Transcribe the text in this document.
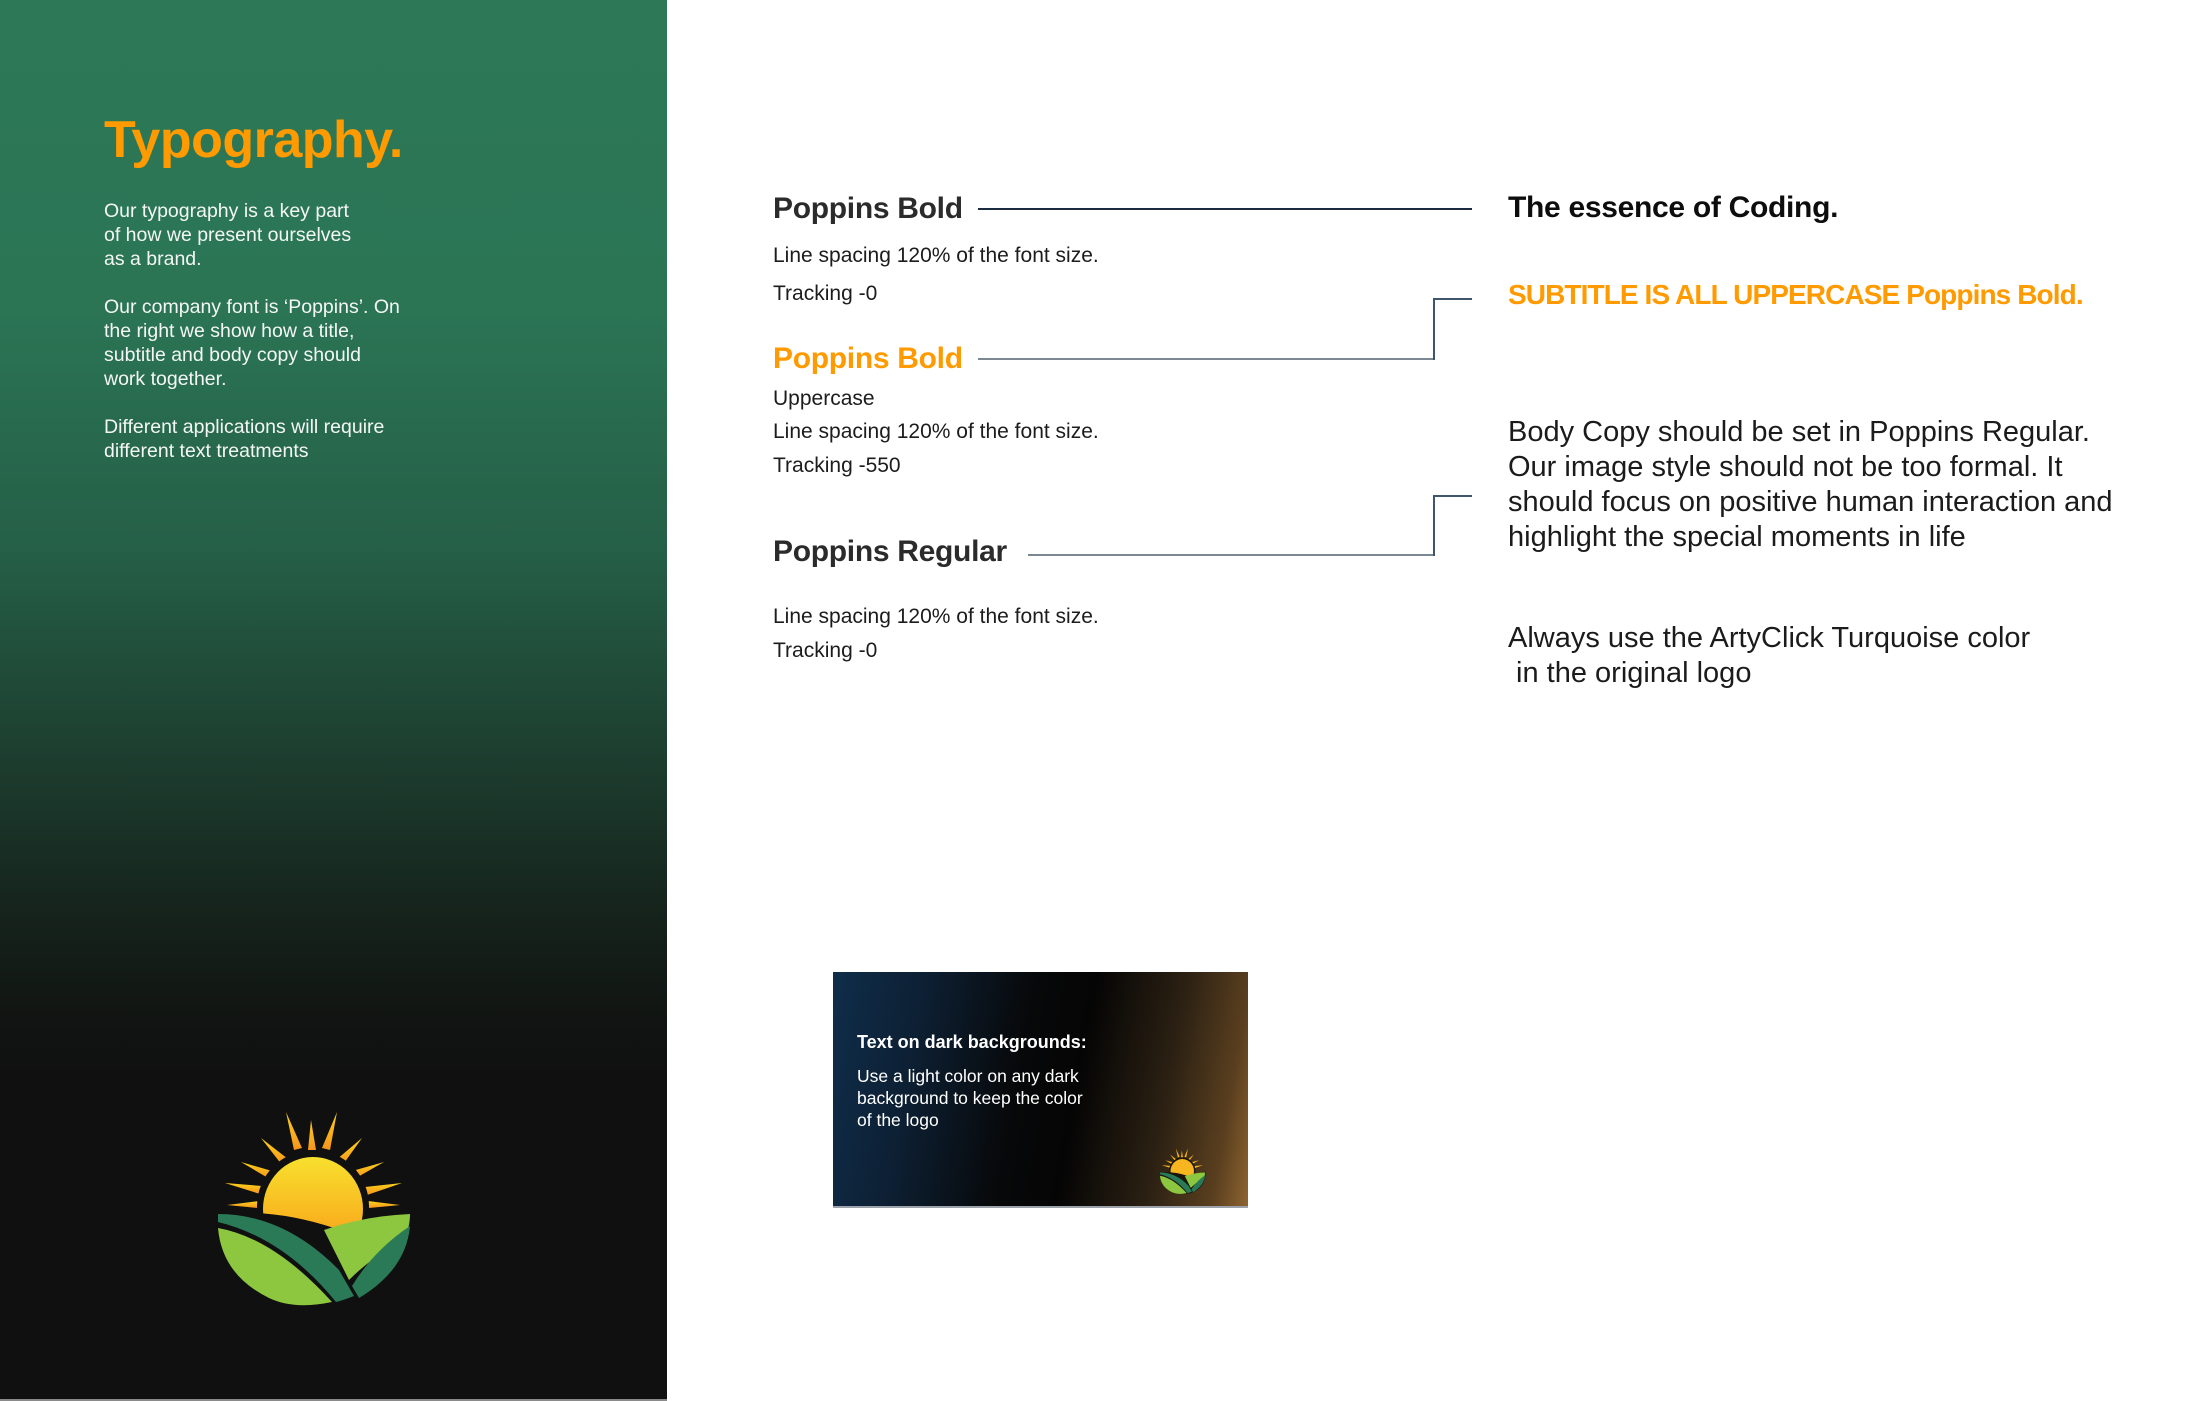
Typography.

Our typography is a key part
of how we present ourselves
as a brand.

Our company font is ‘Poppins’. On
the right we show how a title,
subtitle and body copy should
work together.

Different applications will require
different text treatments

Poppins Bold

Line spacing 120% of the font size.

Tracking -0

Poppins Bold

Uppercase

Line spacing 120% of the font size.

Tracking -550

Poppins Regular

Line spacing 120% of the font size.

Tracking -0

The essence of Coding.
SUBTITLE IS ALL UPPERCASE Poppins Bold.

Body Copy should be set in Poppins Regular.
Our image style should not be too formal. It
should focus on positive human interaction and
highlight the special moments in life

Always use the ArtyClick Turquoise color
in the original logo

Text on dark backgrounds:

Use a light color on any dark
background to keep the color
of the logo
